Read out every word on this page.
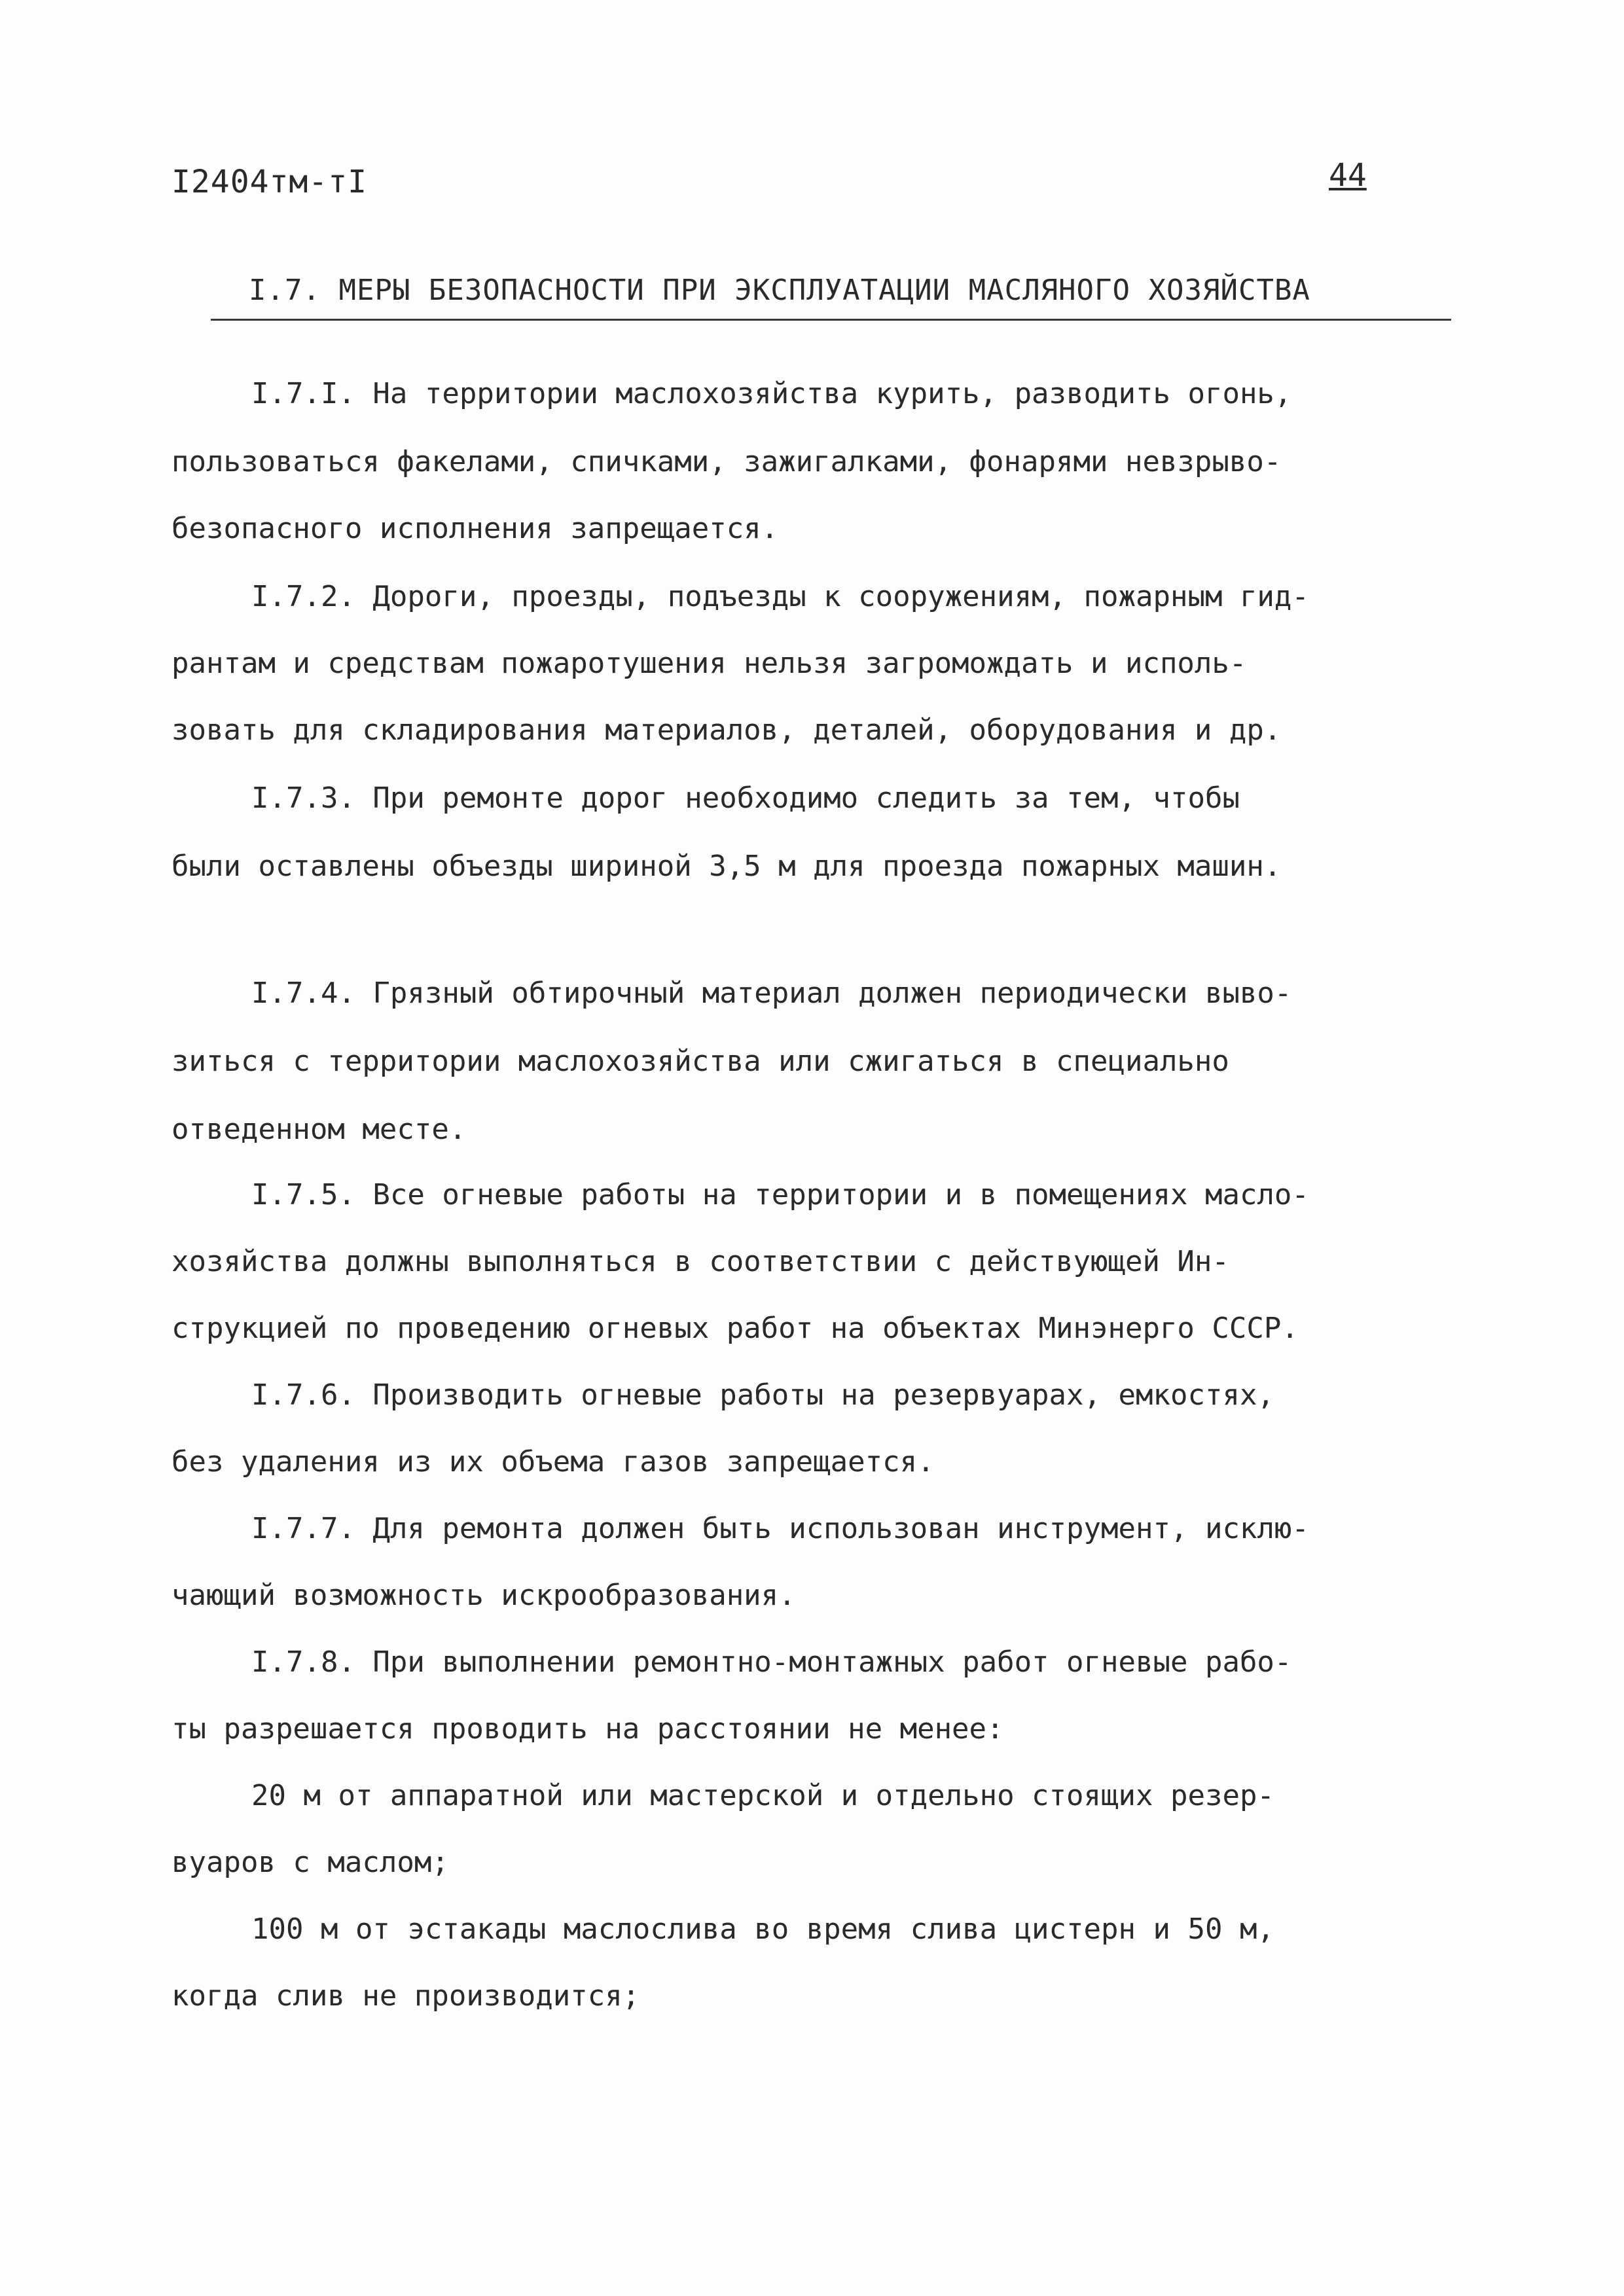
I2404тм-тI	44
I.7. МЕРЫ БЕЗОПАСНОСТИ ПРИ ЭКСПЛУАТАЦИИ МАСЛЯНОГО ХОЗЯЙСТВА
I.7.I. На территории маслохозяйства курить, разводить огонь,
пользоваться факелами, спичками, зажигалками, фонарями невзрыво-
безопасного исполнения запрещается.
I.7.2. Дороги, проезды, подъезды к сооружениям, пожарным гид-
рантам и средствам пожаротушения нельзя загромождать и исполь-
зовать для складирования материалов, деталей, оборудования и др.
I.7.3. При ремонте дорог необходимо следить за тем, чтобы
были оставлены объезды шириной 3,5 м для проезда пожарных машин.
I.7.4. Грязный обтирочный материал должен периодически выво-
зиться с территории маслохозяйства или сжигаться в специально
отведенном месте.
I.7.5. Все огневые работы на территории и в помещениях масло-
хозяйства должны выполняться в соответствии с действующей Ин-
струкцией по проведению огневых работ на объектах Минэнерго СССР.
I.7.6. Производить огневые работы на резервуарах, емкостях,
без удаления из их объема газов запрещается.
I.7.7. Для ремонта должен быть использован инструмент, исклю-
чающий возможность искрообразования.
I.7.8. При выполнении ремонтно-монтажных работ огневые рабо-
ты разрешается проводить на расстоянии не менее:
20 м от аппаратной или мастерской и отдельно стоящих резер-
вуаров с маслом;
100 м от эстакады маслослива во время слива цистерн и 50 м,
когда слив не производится;
